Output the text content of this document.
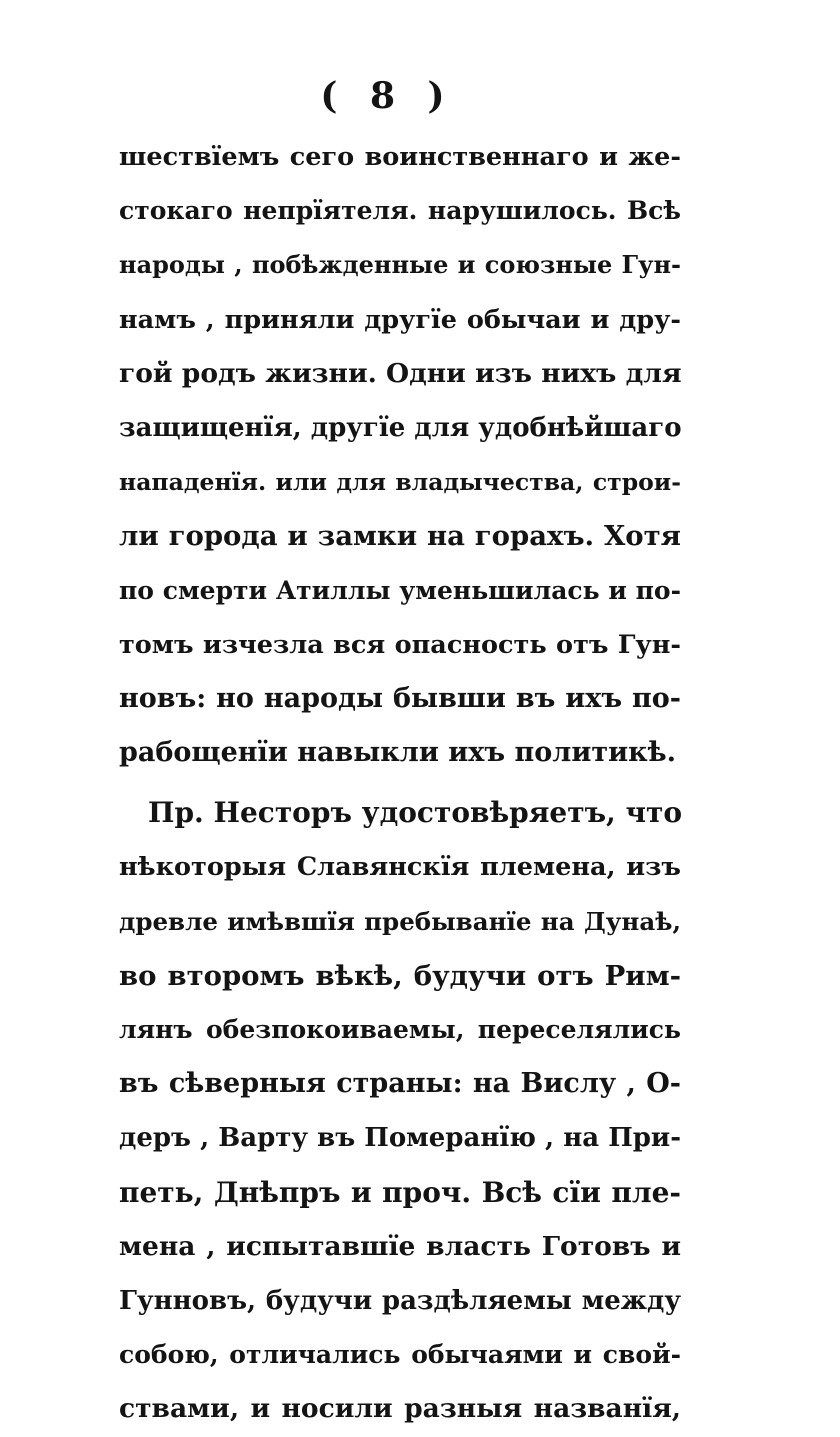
( 8 )
шествїемъ сего воинственнаго и же-
стокаго непрїятеля. нарушилось. Всѣ
народы , побѣжденные и союзные Гун-
намъ , приняли другїе обычаи и дру-
гой родъ жизни. Одни изъ нихъ для
защищенїя, другїе для удобнѣйшаго
нападенїя. или для владычества, строи-
ли города и замки на горахъ. Хотя
по смерти Атиллы уменьшилась и по-
томъ изчезла вся опасность отъ Гун-
новъ: но народы бывши въ ихъ по-
рабощенїи навыкли ихъ политикѣ.
Пр. Несторъ удостовѣряетъ, что
нѣкоторыя Славянскїя племена, изъ
древле имѣвшїя пребыванїе на Дунаѣ,
во второмъ вѣкѣ, будучи отъ Рим-
лянъ обезпокоиваемы, переселялись
въ сѣверныя страны: на Вислу , О-
деръ , Варту въ Померанїю , на При-
петь, Днѣпръ и проч. Всѣ сїи пле-
мена , испытавшїе власть Готовъ и
Гунновъ, будучи раздѣляемы между
собою, отличались обычаями и свой-
ствами, и носили разныя названїя,
